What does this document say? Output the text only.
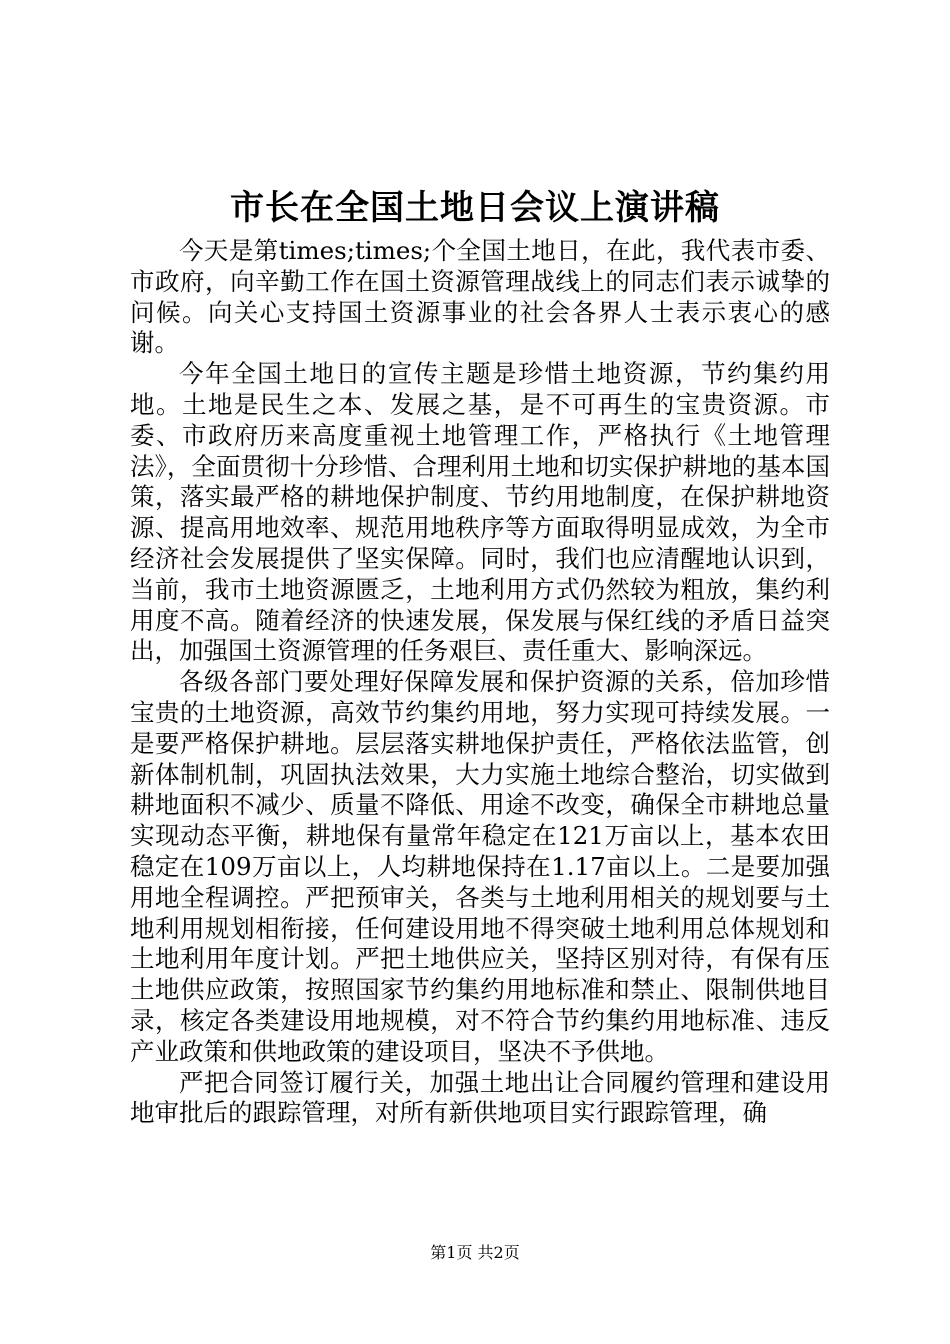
市长在全国土地日会议上演讲稿

今天是第times;times;个全国土地日，在此，我代表市委、市政府，向辛勤工作在国土资源管理战线上的同志们表示诚挚的问候。向关心支持国土资源事业的社会各界人士表示衷心的感谢。

今年全国土地日的宣传主题是珍惜土地资源，节约集约用地。土地是民生之本、发展之基，是不可再生的宝贵资源。市委、市政府历来高度重视土地管理工作，严格执行《土地管理法》，全面贯彻十分珍惜、合理利用土地和切实保护耕地的基本国策，落实最严格的耕地保护制度、节约用地制度，在保护耕地资源、提高用地效率、规范用地秩序等方面取得明显成效，为全市经济社会发展提供了坚实保障。同时，我们也应清醒地认识到，当前，我市土地资源匮乏，土地利用方式仍然较为粗放，集约利用度不高。随着经济的快速发展，保发展与保红线的矛盾日益突出，加强国土资源管理的任务艰巨、责任重大、影响深远。

各级各部门要处理好保障发展和保护资源的关系，倍加珍惜宝贵的土地资源，高效节约集约用地，努力实现可持续发展。一是要严格保护耕地。层层落实耕地保护责任，严格依法监管，创新体制机制，巩固执法效果，大力实施土地综合整治，切实做到耕地面积不减少、质量不降低、用途不改变，确保全市耕地总量实现动态平衡，耕地保有量常年稳定在121万亩以上，基本农田稳定在109万亩以上，人均耕地保持在1.17亩以上。二是要加强用地全程调控。严把预审关，各类与土地利用相关的规划要与土地利用规划相衔接，任何建设用地不得突破土地利用总体规划和土地利用年度计划。严把土地供应关，坚持区别对待，有保有压土地供应政策，按照国家节约集约用地标准和禁止、限制供地目录，核定各类建设用地规模，对不符合节约集约用地标准、违反产业政策和供地政策的建设项目，坚决不予供地。

严把合同签订履行关，加强土地出让合同履约管理和建设用地审批后的跟踪管理，对所有新供地项目实行跟踪管理，确

第1页 共2页
